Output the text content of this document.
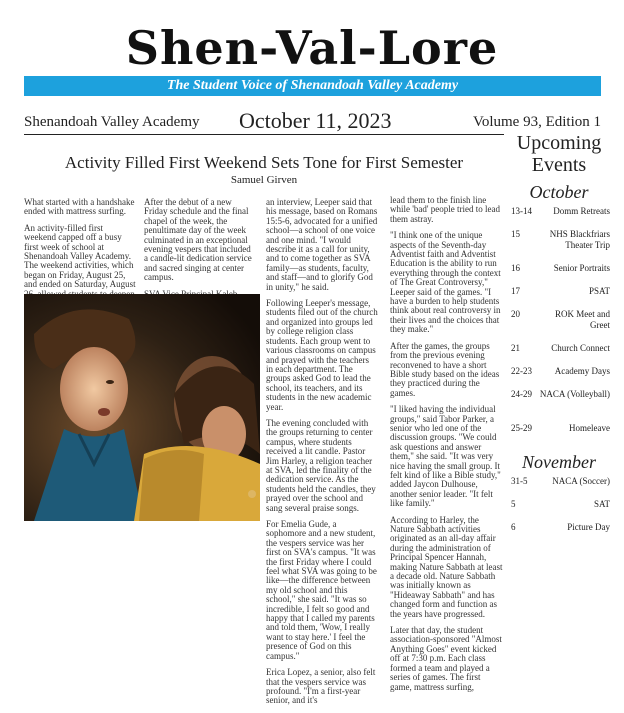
Shen-Val-Lore
The Student Voice of Shenandoah Valley Academy
Shenandoah Valley Academy October 11, 2023	Volume 93, Edition 1
Activity Filled First Weekend Sets Tone for First Semester
Samuel Girven

What started with a handshake ended with mattress surfing.

An activity-filled first weekend capped off a busy first week of school at Shenandoah Valley Academy. The weekend activities, which began on Friday, August 25, and ended on Saturday, August

After the debut of a new Friday schedule and the final chapel of the week, the penultimate day of the week culminated in an exceptional evening vespers that included a candle-lit dedication service and sacred singing at center campus.

an interview, Leeper said that his message, based on Romans 15:5-6, advocated for a unified school—a school of one voice and one mind. "I would describe it as a call for unity, and to come together as SVA family—as students, faculty, and staff—and to glorify God in unity," he said.

Following Leeper's message, students filed out of the church and organized into groups led by college religion class students. Each group went to various classrooms on campus and prayed with the teachers in each department. The groups asked God to lead the school, its teachers, and its students in the new academic year.

The evening concluded with the groups returning to center campus, where students received a lit candle. Pastor Jim Harley, a religion teacher at SVA, led the finality of the dedication service. As the students held the candles, they prayed over the school and sang several praise songs.

For Emelia Gude, a sophomore and a new student, the vespers service was her first on SVA's campus. "It was the first Friday where I could feel what SVA was going to be like—the difference between my old school and this school," she said. "It was so incredible, I felt so good and happy that I called my parents and told them, 'Wow, I really want to stay here.' I feel the presence of God on this campus."

Erica Lopez, a senior, also felt that the vespers service was profound. "I'm a first-year senior, and it's

lead them to the finish line while 'bad' people tried to lead them astray.

"I think one of the unique aspects of the Seventh-day Adventist faith and Adventist Education is the ability to run everything through the context of The Great Controversy," Leeper said of the games. "I have a burden to help students think about real controversy in their lives and the choices that they make."

After the games, the groups from the previous evening reconvened to have a short Bible study based on the ideas they practiced during the games.

"I liked having the individual groups," said Tabor Parker, a senior who led one of the discussion groups. "We could ask questions and answer them," she said. "It was very nice having the small group. It felt kind of like a Bible study," added Jaycon Dulhouse, another senior leader. "It felt like family."

According to Harley, the Nature Sabbath activities originated as an all-day affair during the administration of Principal Spencer Hannah, making Nature Sabbath at least a decade old. Nature Sabbath was initially known as "Hideaway Sabbath" and has changed form and function as the years have progressed.

Later that day, the student association-sponsored "Almost Anything Goes" event kicked off at 7:30 p.m. Each class formed a team and played a series of games. The first game, mattress surfing,

Upcoming Events
October
13-14	Domm Retreats
15	NHS Blackfriars Theater Trip
16	Senior Portraits
17	PSAT
20	ROK Meet and Greet
21	Church Connect
22-23	Academy Days
24-29 NACA (Volleyball)
25-29	Homeleave
November
31-5	NACA (Soccer)
5	SAT
6	Picture Day
